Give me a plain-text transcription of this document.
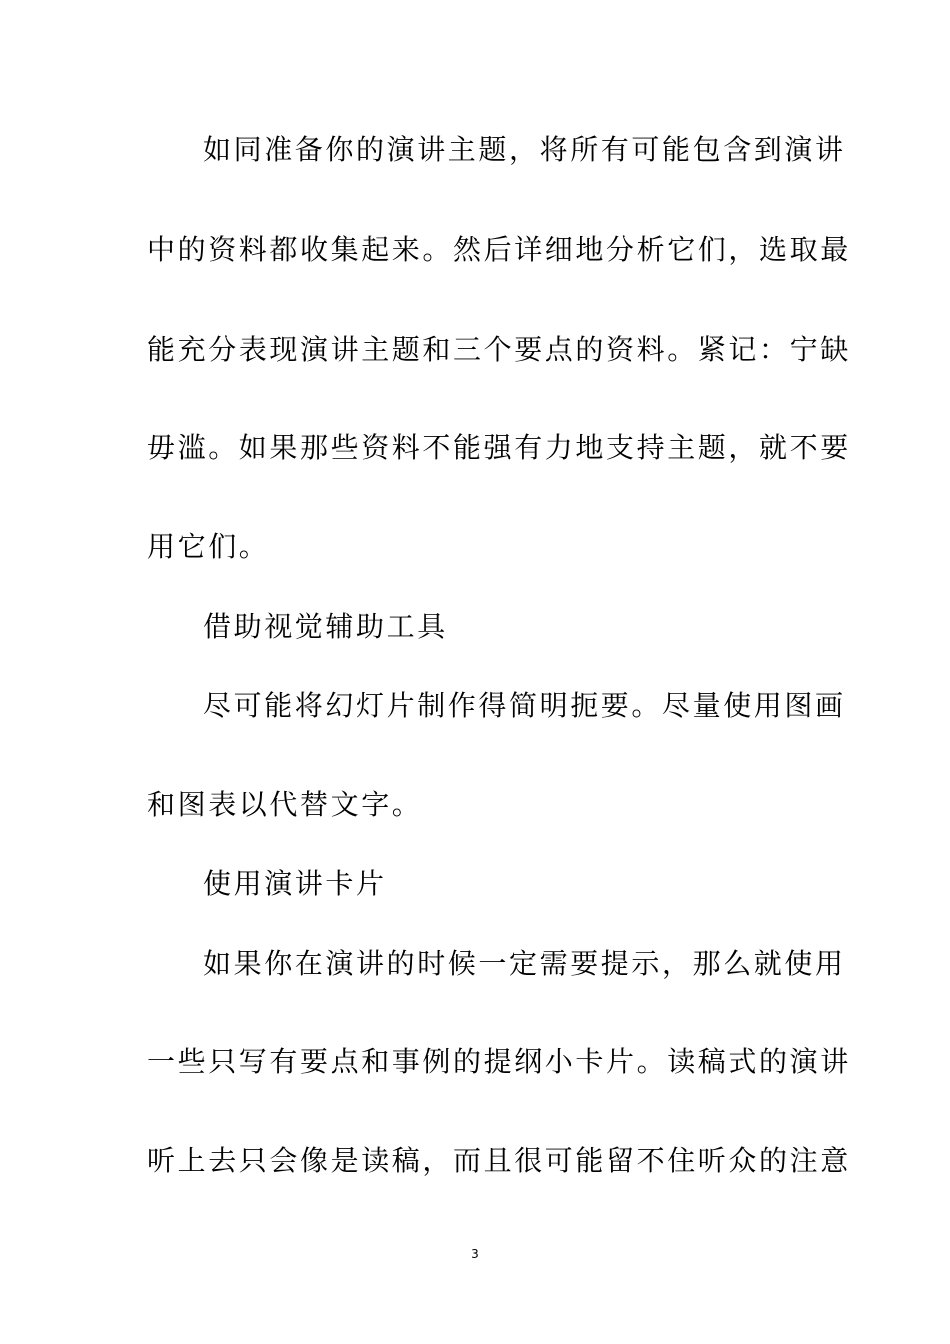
如同准备你的演讲主题，将所有可能包含到演讲
中的资料都收集起来。然后详细地分析它们，选取最
能充分表现演讲主题和三个要点的资料。紧记：宁缺
毋滥。如果那些资料不能强有力地支持主题，就不要
用它们。
借助视觉辅助工具
尽可能将幻灯片制作得简明扼要。尽量使用图画
和图表以代替文字。
使用演讲卡片
如果你在演讲的时候一定需要提示，那么就使用
一些只写有要点和事例的提纲小卡片。读稿式的演讲
听上去只会像是读稿，而且很可能留不住听众的注意
3
